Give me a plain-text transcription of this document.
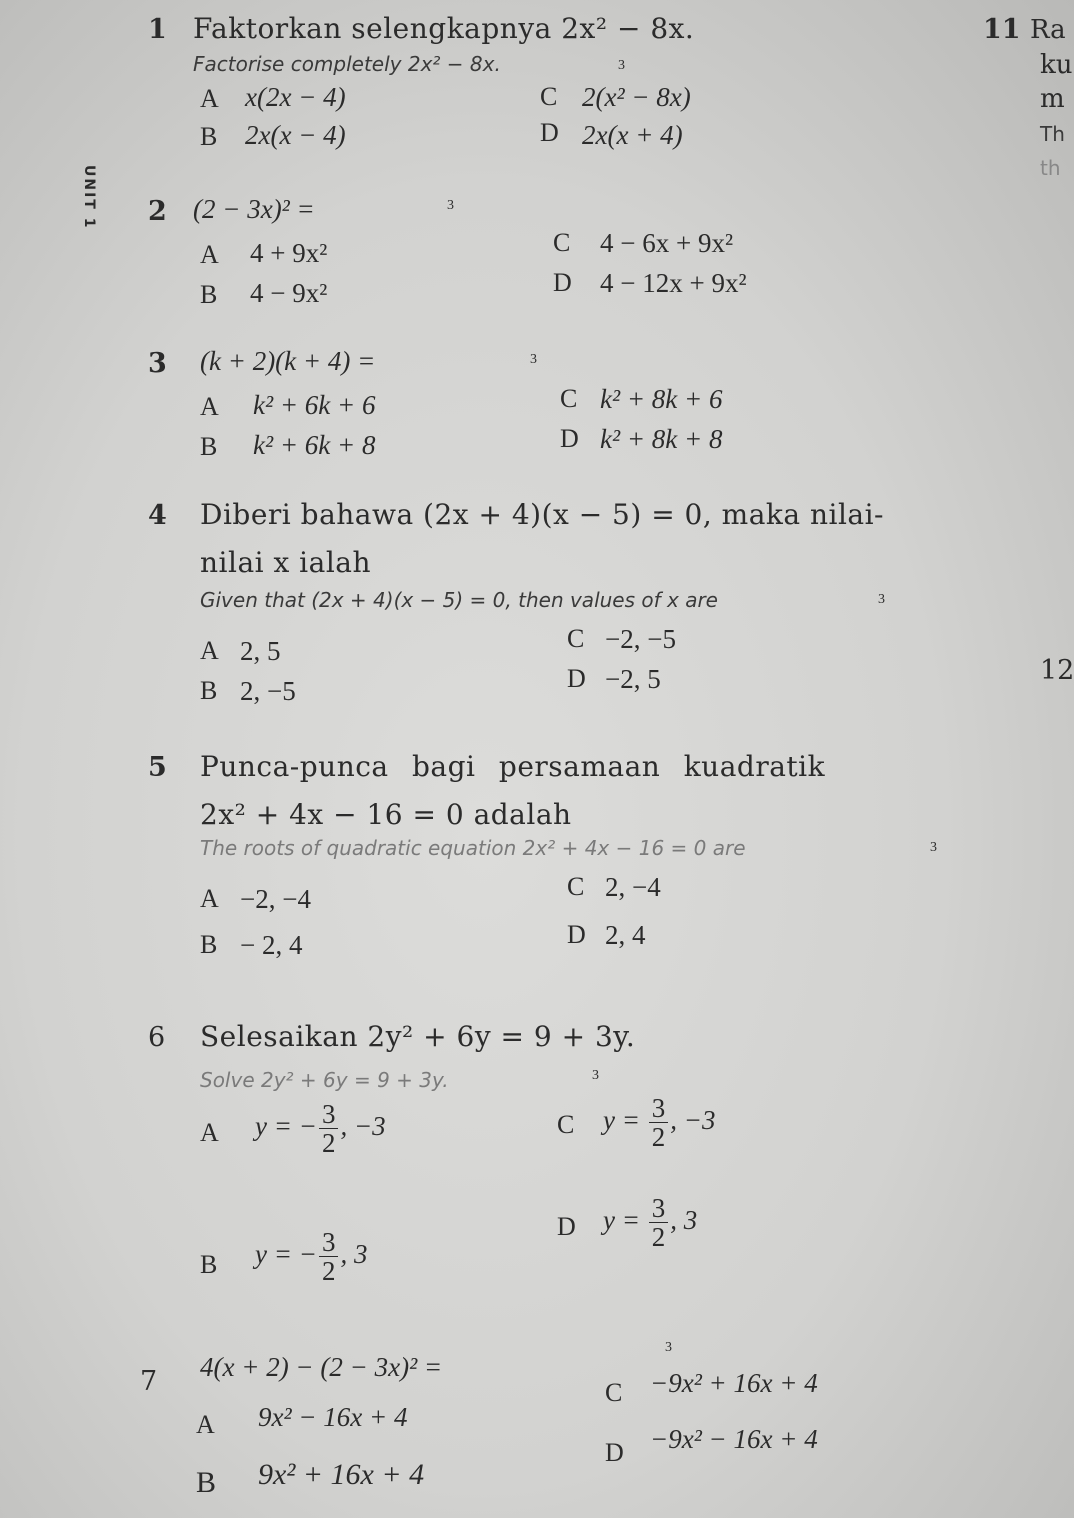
UNIT 1
11 Ra
ku
m
Th
th
12
1 Faktorkan selengkapnya 2x² − 8x.
Factorise completely 2x² − 8x.	3
A x(2x − 4)
B 2x(x − 4)
C 2(x² − 8x)
D 2x(x + 4)
2 (2 − 3x)² =	3
A 4 + 9x²
B 4 − 9x²
C 4 − 6x + 9x²
D 4 − 12x + 9x²
3 (k + 2)(k + 4) =	3
A k² + 6k + 6
B k² + 6k + 8
C k² + 8k + 6
D k² + 8k + 8
4 Diberi bahawa (2x + 4)(x − 5) = 0, maka nilai-
nilai x ialah
Given that (2x + 4)(x − 5) = 0, then values of x are	3
A 2, 5
B 2, −5
C −2, −5
D −2, 5
5 Punca-punca bagi persamaan kuadratik
2x² + 4x − 16 = 0 adalah
The roots of quadratic equation 2x² + 4x − 16 = 0 are	3
A −2, −4
B − 2, 4
C 2, −4
D 2, 4
6 Selesaikan 2y² + 6y = 9 + 3y.
Solve 2y² + 6y = 9 + 3y.	3
A y = − $\frac{3}{2}$ , −3
B y = − $\frac{3}{2}$ , 3
C $y = \frac{3}{2}$ , −3
D $y = \frac{3}{2}$ , 3
7 4(x + 2) − (2 − 3x)² =
3
A 9x² − 16x + 4
B 9x² + 16x + 4
C −9x² + 16x + 4
D −9x² − 16x + 4
